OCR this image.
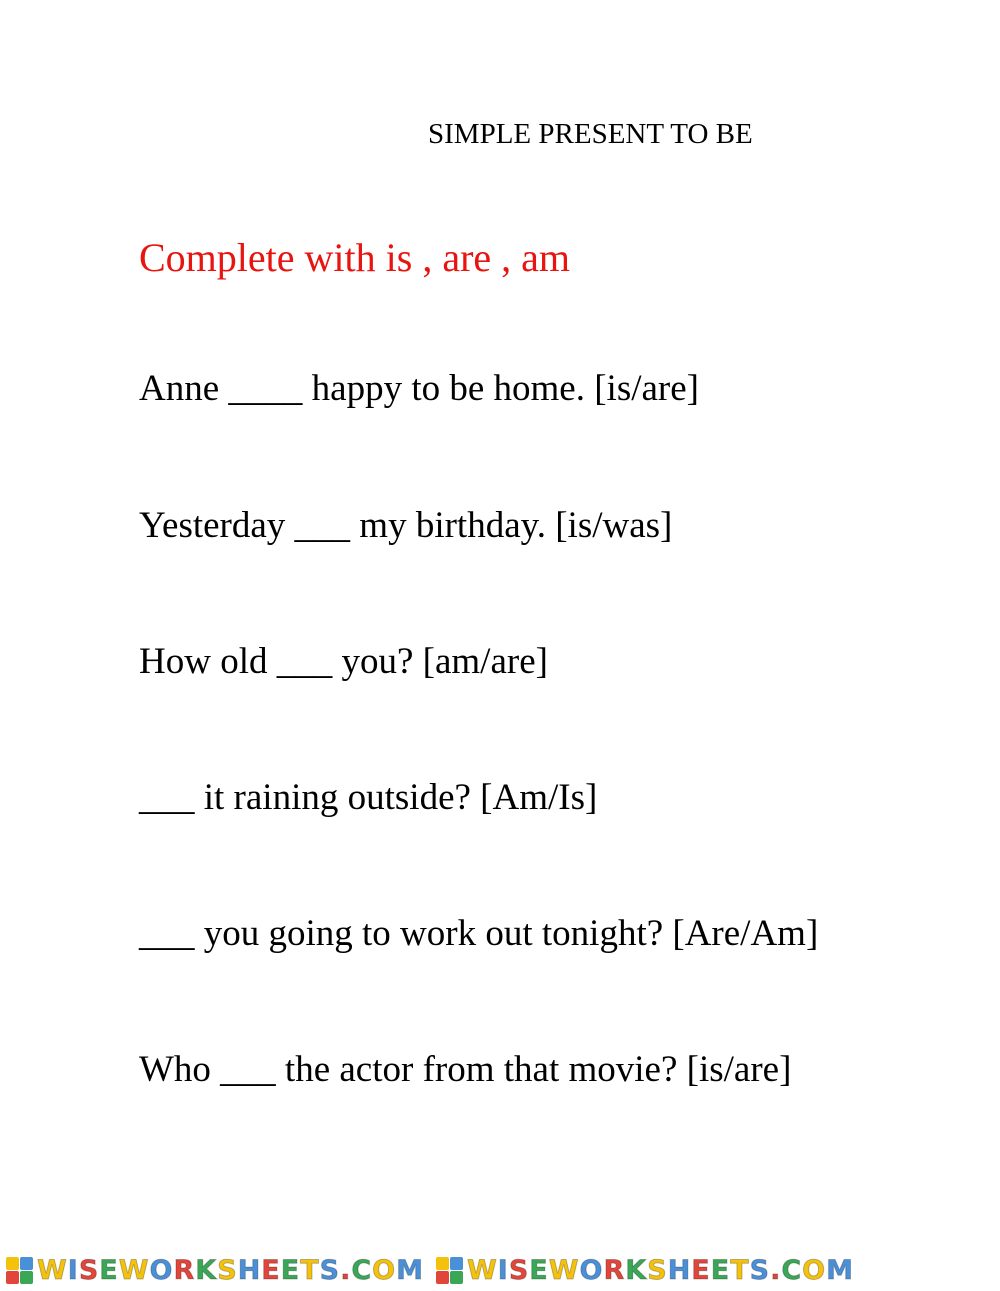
SIMPLE PRESENT TO BE
Complete with is , are , am
Anne ____ happy to be home. [is/are]
Yesterday ___ my birthday. [is/was]
How old ___ you? [am/are]
___ it raining outside? [Am/Is]
___ you going to work out tonight? [Are/Am]
Who ___ the actor from that movie? [is/are]
WISEWORKSHEETS.COM WISEWORKSHEETS.COM
